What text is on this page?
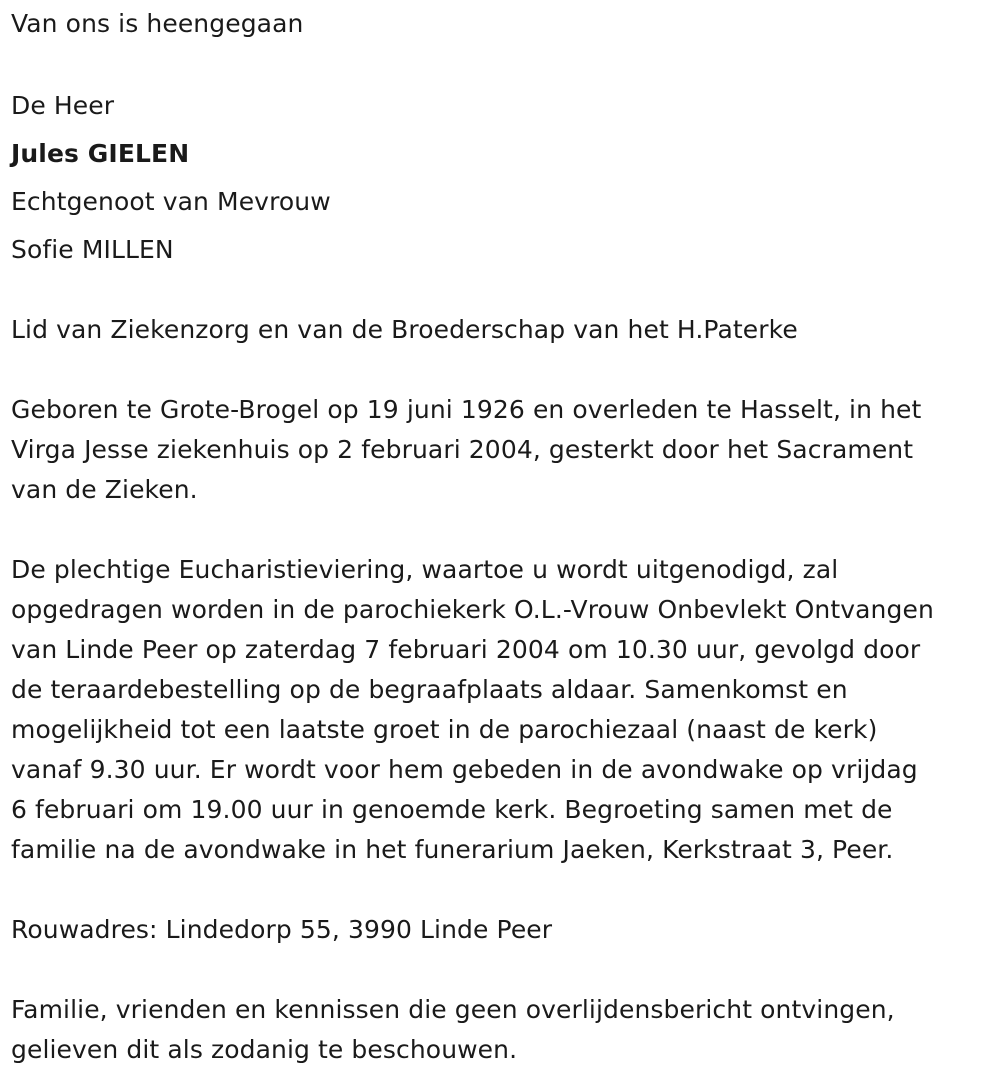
Van ons is heengegaan
De Heer
Jules GIELEN
Echtgenoot van Mevrouw
Sofie MILLEN
Lid van Ziekenzorg en van de Broederschap van het H.Paterke
Geboren te Grote-Brogel op 19 juni 1926 en overleden te Hasselt, in het
Virga Jesse ziekenhuis op 2 februari 2004, gesterkt door het Sacrament
van de Zieken.
De plechtige Eucharistieviering, waartoe u wordt uitgenodigd, zal
opgedragen worden in de parochiekerk O.L.-Vrouw Onbevlekt Ontvangen
van Linde Peer op zaterdag 7 februari 2004 om 10.30 uur, gevolgd door
de teraardebestelling op de begraafplaats aldaar. Samenkomst en
mogelijkheid tot een laatste groet in de parochiezaal (naast de kerk)
vanaf 9.30 uur. Er wordt voor hem gebeden in de avondwake op vrijdag
6 februari om 19.00 uur in genoemde kerk. Begroeting samen met de
familie na de avondwake in het funerarium Jaeken, Kerkstraat 3, Peer.
Rouwadres: Lindedorp 55, 3990 Linde Peer
Familie, vrienden en kennissen die geen overlijdensbericht ontvingen,
gelieven dit als zodanig te beschouwen.
